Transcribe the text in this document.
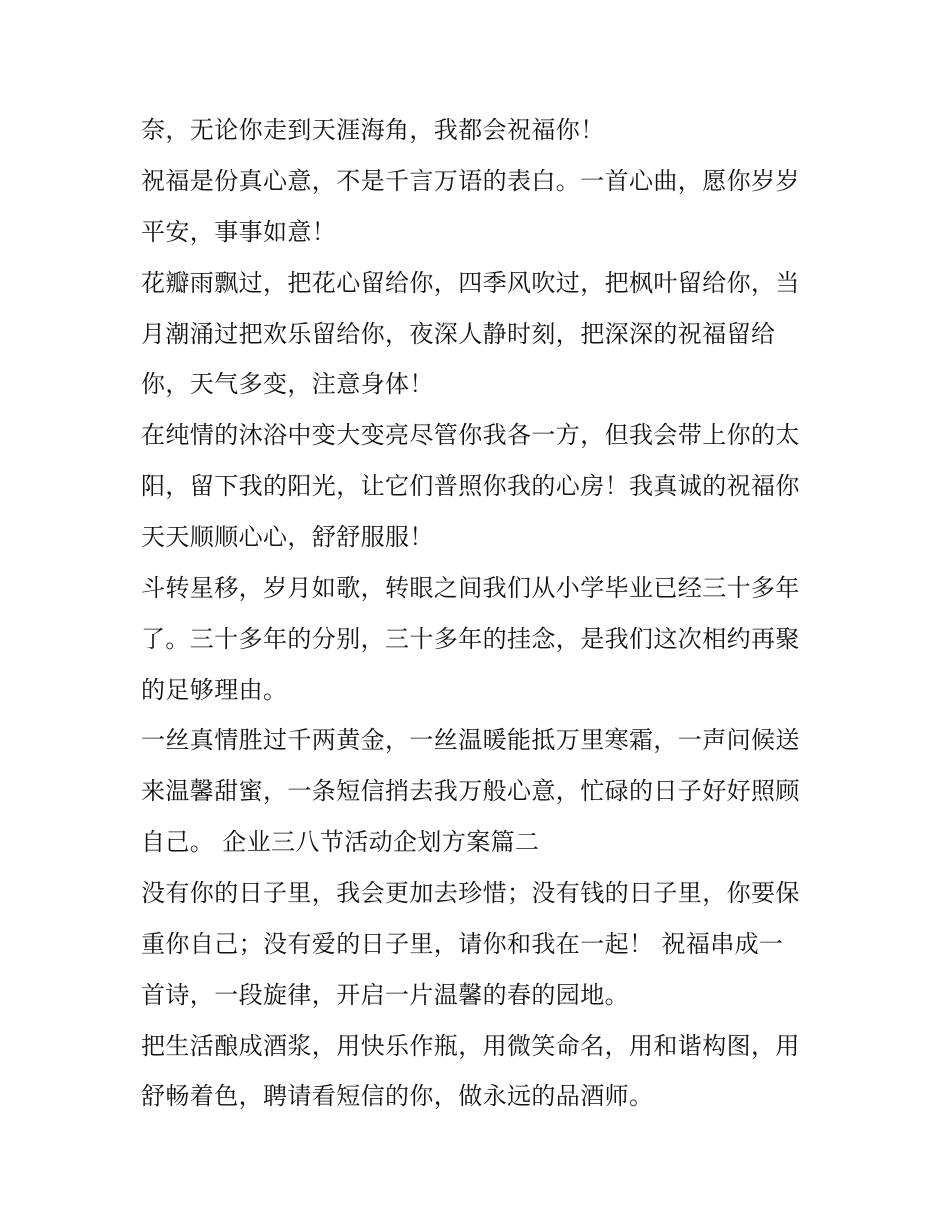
奈，无论你走到天涯海角，我都会祝福你！
祝福是份真心意，不是千言万语的表白。一首心曲，愿你岁岁
平安，事事如意！
花瓣雨飘过，把花心留给你，四季风吹过，把枫叶留给你，当
月潮涌过把欢乐留给你，夜深人静时刻，把深深的祝福留给
你，天气多变，注意身体！
在纯情的沐浴中变大变亮尽管你我各一方，但我会带上你的太
阳，留下我的阳光，让它们普照你我的心房！我真诚的祝福你
天天顺顺心心，舒舒服服！
斗转星移，岁月如歌，转眼之间我们从小学毕业已经三十多年
了。三十多年的分别，三十多年的挂念，是我们这次相约再聚
的足够理由。
一丝真情胜过千两黄金，一丝温暖能抵万里寒霜，一声问候送
来温馨甜蜜，一条短信捎去我万般心意，忙碌的日子好好照顾
自己。 企业三八节活动企划方案篇二
没有你的日子里，我会更加去珍惜；没有钱的日子里，你要保
重你自己；没有爱的日子里，请你和我在一起！ 祝福串成一
首诗，一段旋律，开启一片温馨的春的园地。
把生活酿成酒浆，用快乐作瓶，用微笑命名，用和谐构图，用
舒畅着色，聘请看短信的你，做永远的品酒师。
